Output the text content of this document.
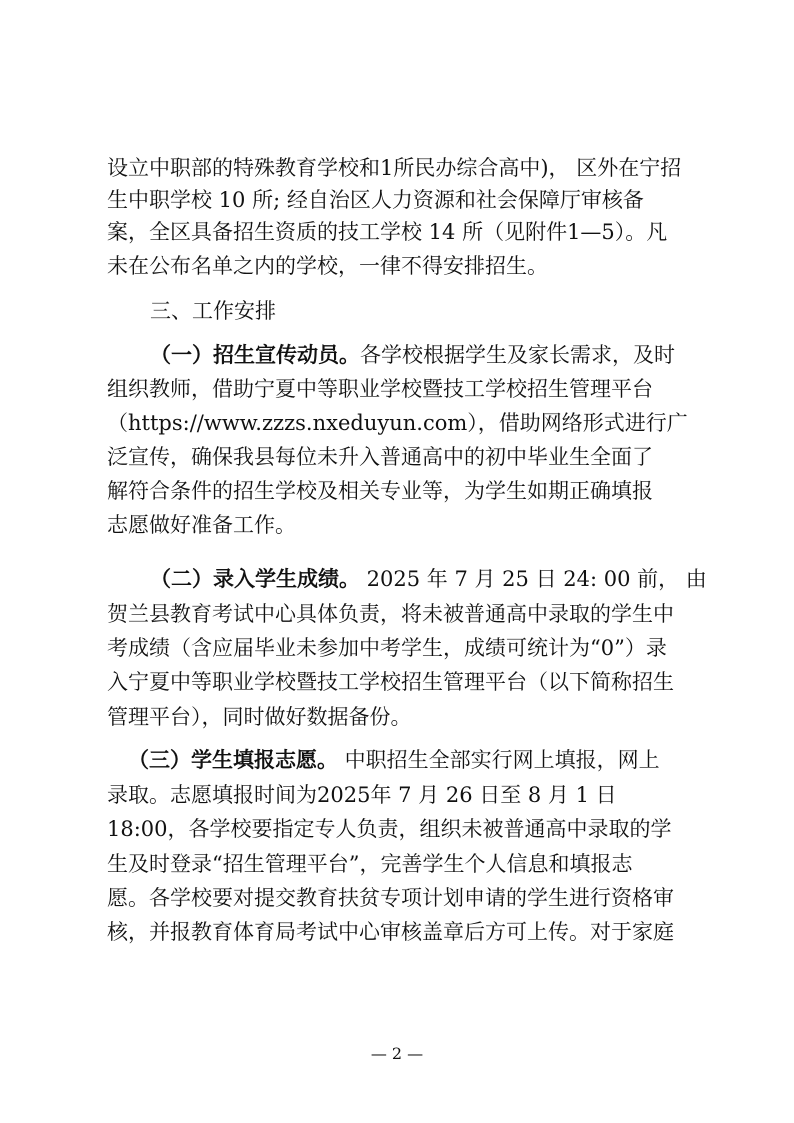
设立中职部的特殊教育学校和1所民办综合高中)， 区外在宁招
生中职学校 10 所; 经自治区人力资源和社会保障厅审核备
案，全区具备招生资质的技工学校 14 所（见附件1—5）。凡
未在公布名单之内的学校，一律不得安排招生。
三、工作安排
（一）招生宣传动员。各学校根据学生及家长需求，及时
组织教师，借助宁夏中等职业学校暨技工学校招生管理平台
（https://www.zzzs.nxeduyun.com），借助网络形式进行广
泛宣传，确保我县每位未升入普通高中的初中毕业生全面了
解符合条件的招生学校及相关专业等，为学生如期正确填报
志愿做好准备工作。
（二）录入学生成绩。 2025 年 7 月 25 日 24: 00 前， 由
贺兰县教育考试中心具体负责，将未被普通高中录取的学生中
考成绩（含应届毕业未参加中考学生，成绩可统计为“0”）录
入宁夏中等职业学校暨技工学校招生管理平台（以下简称招生
管理平台），同时做好数据备份。
（三）学生填报志愿。 中职招生全部实行网上填报，网上
录取。志愿填报时间为2025年 7 月 26 日至 8 月 1 日
18:00，各学校要指定专人负责，组织未被普通高中录取的学
生及时登录“招生管理平台”，完善学生个人信息和填报志
愿。各学校要对提交教育扶贫专项计划申请的学生进行资格审
核，并报教育体育局考试中心审核盖章后方可上传。对于家庭
— 2 —
